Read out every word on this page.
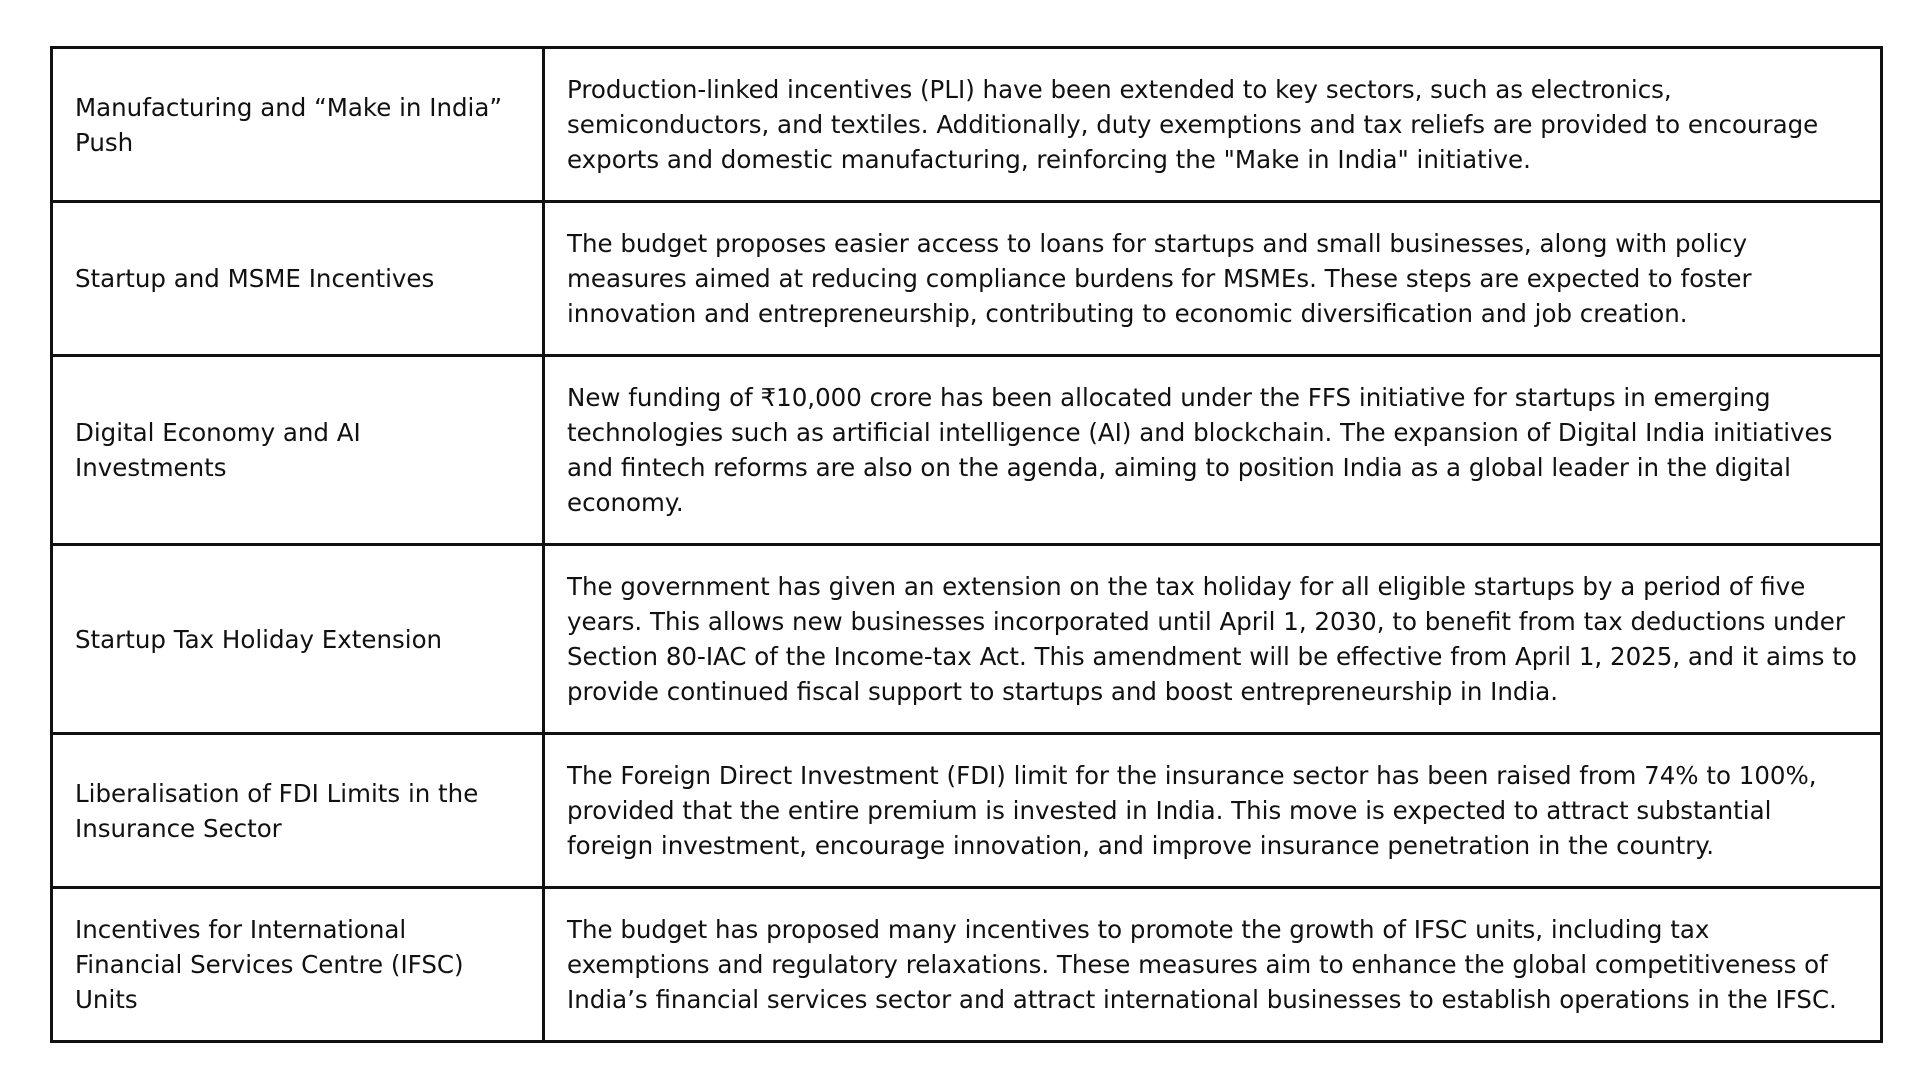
Manufacturing and “Make in India” Push	Production-linked incentives (PLI) have been extended to key sectors, such as electronics, semiconductors, and textiles. Additionally, duty exemptions and tax reliefs are provided to encourage exports and domestic manufacturing, reinforcing the "Make in India" initiative.
Startup and MSME Incentives	The budget proposes easier access to loans for startups and small businesses, along with policy measures aimed at reducing compliance burdens for MSMEs. These steps are expected to foster innovation and entrepreneurship, contributing to economic diversification and job creation.
Digital Economy and AI Investments	New funding of ₹10,000 crore has been allocated under the FFS initiative for startups in emerging technologies such as artificial intelligence (AI) and blockchain. The expansion of Digital India initiatives and fintech reforms are also on the agenda, aiming to position India as a global leader in the digital economy.
Startup Tax Holiday Extension	The government has given an extension on the tax holiday for all eligible startups by a period of five years. This allows new businesses incorporated until April 1, 2030, to benefit from tax deductions under Section 80-IAC of the Income-tax Act. This amendment will be effective from April 1, 2025, and it aims to provide continued fiscal support to startups and boost entrepreneurship in India.
Liberalisation of FDI Limits in the Insurance Sector	The Foreign Direct Investment (FDI) limit for the insurance sector has been raised from 74% to 100%, provided that the entire premium is invested in India. This move is expected to attract substantial foreign investment, encourage innovation, and improve insurance penetration in the country.
Incentives for International Financial Services Centre (IFSC) Units	The budget has proposed many incentives to promote the growth of IFSC units, including tax exemptions and regulatory relaxations. These measures aim to enhance the global competitiveness of India’s financial services sector and attract international businesses to establish operations in the IFSC.
